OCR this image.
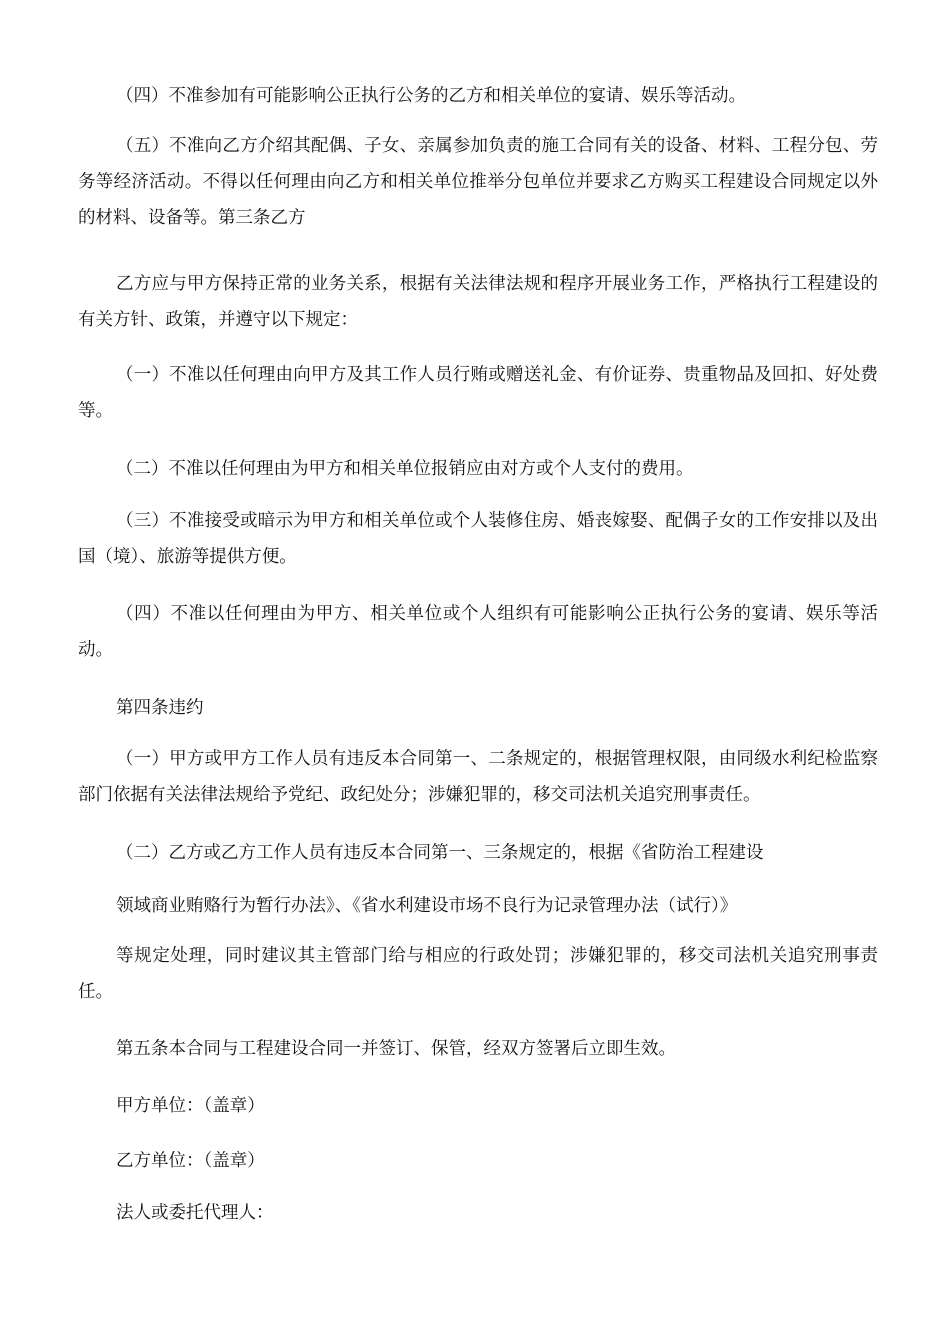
（四）不准参加有可能影响公正执行公务的乙方和相关单位的宴请、娱乐等活动。

（五）不准向乙方介绍其配偶、子女、亲属参加负责的施工合同有关的设备、材料、工程分包、劳务等经济活动。不得以任何理由向乙方和相关单位推举分包单位并要求乙方购买工程建设合同规定以外的材料、设备等。第三条乙方

乙方应与甲方保持正常的业务关系，根据有关法律法规和程序开展业务工作，严格执行工程建设的有关方针、政策，并遵守以下规定：

（一）不准以任何理由向甲方及其工作人员行贿或赠送礼金、有价证券、贵重物品及回扣、好处费等。

（二）不准以任何理由为甲方和相关单位报销应由对方或个人支付的费用。

（三）不准接受或暗示为甲方和相关单位或个人装修住房、婚丧嫁娶、配偶子女的工作安排以及出国（境）、旅游等提供方便。

（四）不准以任何理由为甲方、相关单位或个人组织有可能影响公正执行公务的宴请、娱乐等活动。

第四条违约

（一）甲方或甲方工作人员有违反本合同第一、二条规定的，根据管理权限，由同级水利纪检监察部门依据有关法律法规给予党纪、政纪处分；涉嫌犯罪的，移交司法机关追究刑事责任。

（二）乙方或乙方工作人员有违反本合同第一、三条规定的，根据《省防治工程建设

领域商业贿赂行为暂行办法》、《省水利建设市场不良行为记录管理办法（试行）》

等规定处理，同时建议其主管部门给与相应的行政处罚；涉嫌犯罪的，移交司法机关追究刑事责任。

第五条本合同与工程建设合同一并签订、保管，经双方签署后立即生效。

甲方单位：（盖章）

乙方单位：（盖章）

法人或委托代理人：
